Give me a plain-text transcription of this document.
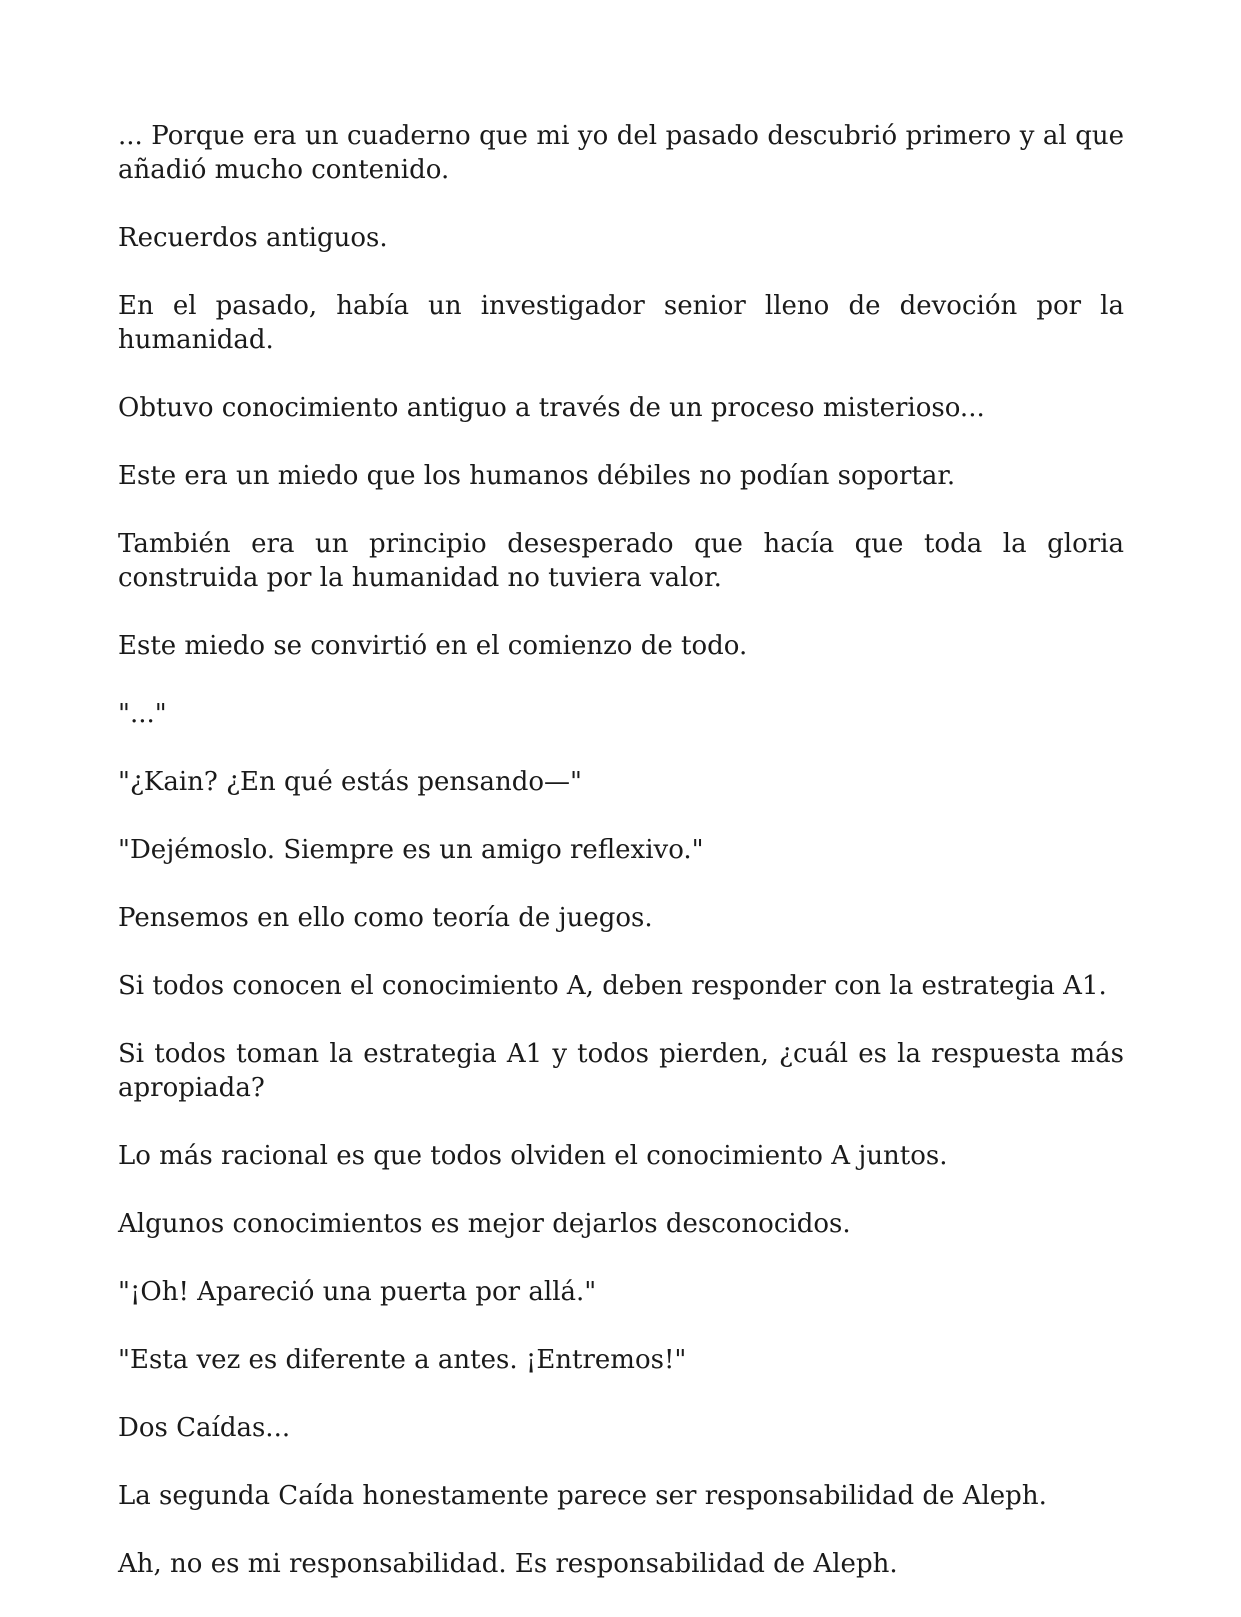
... Porque era un cuaderno que mi yo del pasado descubrió primero y al que añadió mucho contenido.

Recuerdos antiguos.

En el pasado, había un investigador senior lleno de devoción por la humanidad.

Obtuvo conocimiento antiguo a través de un proceso misterioso...

Este era un miedo que los humanos débiles no podían soportar.

También era un principio desesperado que hacía que toda la gloria construida por la humanidad no tuviera valor.

Este miedo se convirtió en el comienzo de todo.

"..."

"¿Kain? ¿En qué estás pensando—"

"Dejémoslo. Siempre es un amigo reflexivo."

Pensemos en ello como teoría de juegos.

Si todos conocen el conocimiento A, deben responder con la estrategia A1.

Si todos toman la estrategia A1 y todos pierden, ¿cuál es la respuesta más apropiada?

Lo más racional es que todos olviden el conocimiento A juntos.

Algunos conocimientos es mejor dejarlos desconocidos.

"¡Oh! Apareció una puerta por allá."

"Esta vez es diferente a antes. ¡Entremos!"

Dos Caídas...

La segunda Caída honestamente parece ser responsabilidad de Aleph.

Ah, no es mi responsabilidad. Es responsabilidad de Aleph.
